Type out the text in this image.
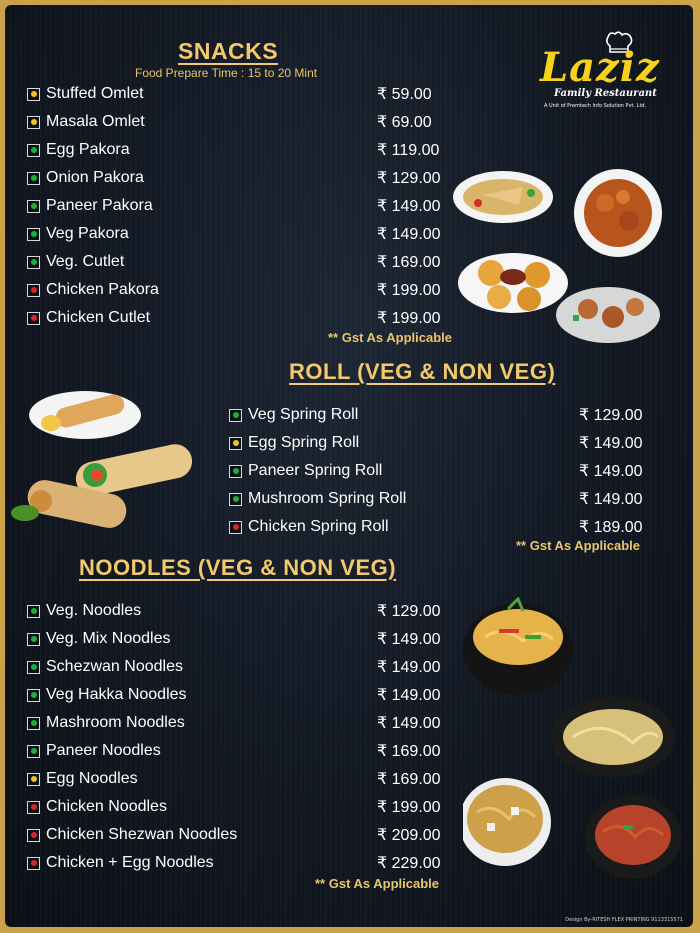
Laziz
Family Restaurant
A Unit of Premtech Info Solution Pvt. Ltd.
SNACKS
Food Prepare Time : 15 to 20 Mint
** Gst As Applicable
ROLL (VEG & NON VEG)
** Gst As Applicable
NOODLES (VEG & NON VEG)
** Gst As Applicable
Stuffed Omlet	₹ 59.00
Masala Omlet	₹ 69.00
Egg Pakora	₹ 119.00
Onion Pakora	₹ 129.00
Paneer Pakora	₹ 149.00
Veg Pakora	₹ 149.00
Veg. Cutlet	₹ 169.00
Chicken Pakora	₹ 199.00
Chicken Cutlet	₹ 199.00
Veg Spring Roll	₹ 129.00
Egg Spring Roll	₹ 149.00
Paneer Spring Roll	₹ 149.00
Mushroom Spring Roll	₹ 149.00
Chicken Spring Roll	₹ 189.00
Veg. Noodles	₹ 129.00
Veg. Mix Noodles	₹ 149.00
Schezwan Noodles	₹ 149.00
Veg Hakka Noodles	₹ 149.00
Mashroom Noodles	₹ 149.00
Paneer Noodles	₹ 169.00
Egg Noodles	₹ 169.00
Chicken Noodles	₹ 199.00
Chicken Shezwan Noodles	₹ 209.00
Chicken + Egg Noodles	₹ 229.00
Design By-RITESH FLEX PRINTING 9113315571
